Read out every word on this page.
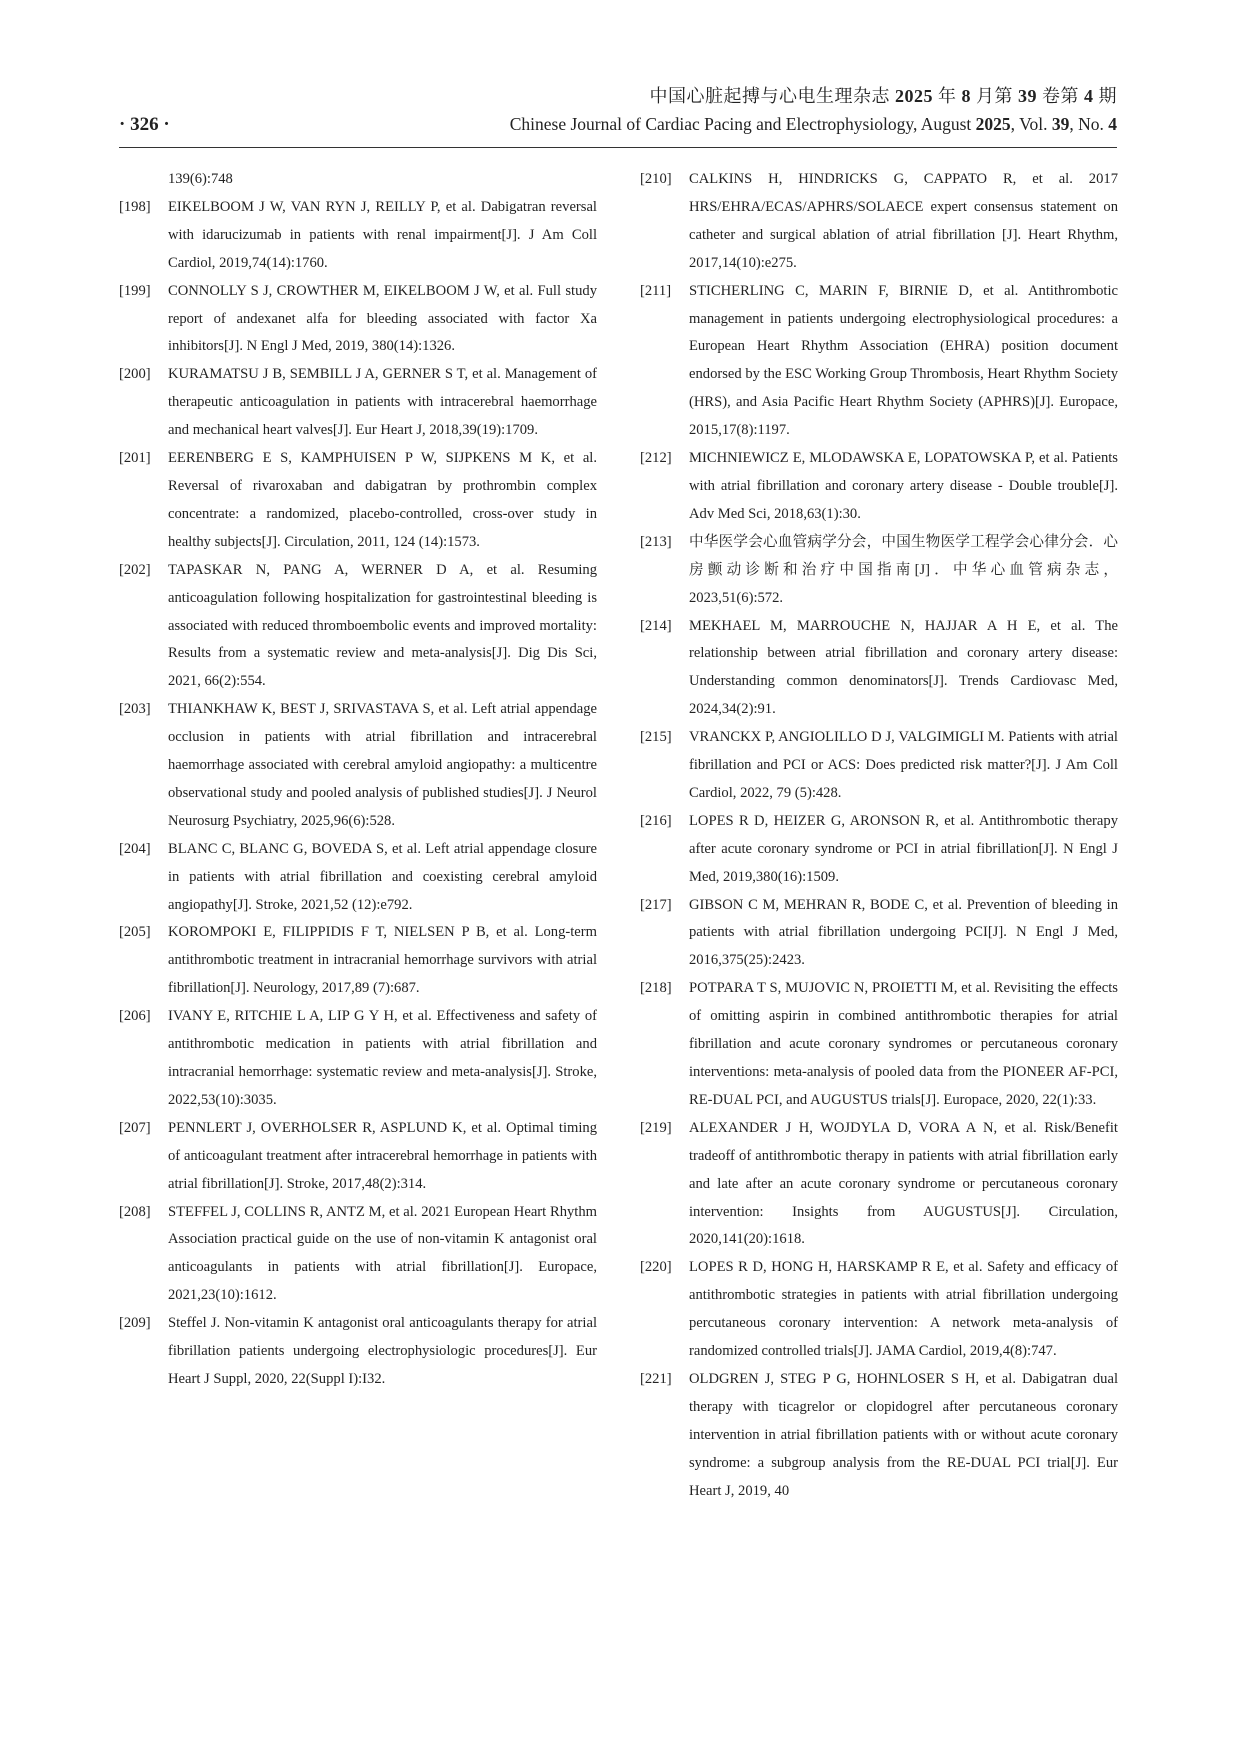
中国心脏起搏与心电生理杂志 2025 年 8 月第 39 卷第 4 期
· 326 ·	Chinese Journal of Cardiac Pacing and Electrophysiology, August 2025, Vol. 39, No. 4

139(6):748

[198] EIKELBOOM J W, VAN RYN J, REILLY P, et al. Dabigatran reversal with idarucizumab in patients with renal impairment[J]. J Am Coll Cardiol, 2019,74(14):1760.

[199] CONNOLLY S J, CROWTHER M, EIKELBOOM J W, et al. Full study report of andexanet alfa for bleeding associated with factor Xa inhibitors[J]. N Engl J Med, 2019, 380(14):1326.

[200] KURAMATSU J B, SEMBILL J A, GERNER S T, et al. Management of therapeutic anticoagulation in patients with intracerebral haemorrhage and mechanical heart valves[J]. Eur Heart J, 2018,39(19):1709.

[201] EERENBERG E S, KAMPHUISEN P W, SIJPKENS M K, et al. Reversal of rivaroxaban and dabigatran by prothrombin complex concentrate: a randomized, placebo-controlled, cross-over study in healthy subjects[J]. Circulation, 2011, 124 (14):1573.

[202] TAPASKAR N, PANG A, WERNER D A, et al. Resuming anticoagulation following hospitalization for gastrointestinal bleeding is associated with reduced thromboembolic events and improved mortality: Results from a systematic review and meta-analysis[J]. Dig Dis Sci, 2021, 66(2):554.

[203] THIANKHAW K, BEST J, SRIVASTAVA S, et al. Left atrial appendage occlusion in patients with atrial fibrillation and intracerebral haemorrhage associated with cerebral amyloid angiopathy: a multicentre observational study and pooled analysis of published studies[J]. J Neurol Neurosurg Psychiatry, 2025,96(6):528.

[204] BLANC C, BLANC G, BOVEDA S, et al. Left atrial appendage closure in patients with atrial fibrillation and coexisting cerebral amyloid angiopathy[J]. Stroke, 2021,52 (12):e792.

[205] KOROMPOKI E, FILIPPIDIS F T, NIELSEN P B, et al. Long-term antithrombotic treatment in intracranial hemorrhage survivors with atrial fibrillation[J]. Neurology, 2017,89 (7):687.

[206] IVANY E, RITCHIE L A, LIP G Y H, et al. Effectiveness and safety of antithrombotic medication in patients with atrial fibrillation and intracranial hemorrhage: systematic review and meta-analysis[J]. Stroke, 2022,53(10):3035.

[207] PENNLERT J, OVERHOLSER R, ASPLUND K, et al. Optimal timing of anticoagulant treatment after intracerebral hemorrhage in patients with atrial fibrillation[J]. Stroke, 2017,48(2):314.

[208] STEFFEL J, COLLINS R, ANTZ M, et al. 2021 European Heart Rhythm Association practical guide on the use of non-vitamin K antagonist oral anticoagulants in patients with atrial fibrillation[J]. Europace, 2021,23(10):1612.

[209] Steffel J. Non-vitamin K antagonist oral anticoagulants therapy for atrial fibrillation patients undergoing electrophysiologic procedures[J]. Eur Heart J Suppl, 2020, 22(Suppl I):I32.

[210] CALKINS H, HINDRICKS G, CAPPATO R, et al. 2017 HRS/EHRA/ECAS/APHRS/SOLAECE expert consensus statement on catheter and surgical ablation of atrial fibrillation [J]. Heart Rhythm, 2017,14(10):e275.

[211] STICHERLING C, MARIN F, BIRNIE D, et al. Antithrombotic management in patients undergoing electrophysiological procedures: a European Heart Rhythm Association (EHRA) position document endorsed by the ESC Working Group Thrombosis, Heart Rhythm Society (HRS), and Asia Pacific Heart Rhythm Society (APHRS)[J]. Europace, 2015,17(8):1197.

[212] MICHNIEWICZ E, MLODAWSKA E, LOPATOWSKA P, et al. Patients with atrial fibrillation and coronary artery disease - Double trouble[J]. Adv Med Sci, 2018,63(1):30.

[213] 中华医学会心血管病学分会，中国生物医学工程学会心律分会．心房颤动诊断和治疗中国指南[J]．中华心血管病杂志，2023,51(6):572.

[214] MEKHAEL M, MARROUCHE N, HAJJAR A H E, et al. The relationship between atrial fibrillation and coronary artery disease: Understanding common denominators[J]. Trends Cardiovasc Med, 2024,34(2):91.

[215] VRANCKX P, ANGIOLILLO D J, VALGIMIGLI M. Patients with atrial fibrillation and PCI or ACS: Does predicted risk matter?[J]. J Am Coll Cardiol, 2022, 79 (5):428.

[216] LOPES R D, HEIZER G, ARONSON R, et al. Antithrombotic therapy after acute coronary syndrome or PCI in atrial fibrillation[J]. N Engl J Med, 2019,380(16):1509.

[217] GIBSON C M, MEHRAN R, BODE C, et al. Prevention of bleeding in patients with atrial fibrillation undergoing PCI[J]. N Engl J Med, 2016,375(25):2423.

[218] POTPARA T S, MUJOVIC N, PROIETTI M, et al. Revisiting the effects of omitting aspirin in combined antithrombotic therapies for atrial fibrillation and acute coronary syndromes or percutaneous coronary interventions: meta-analysis of pooled data from the PIONEER AF-PCI, RE-DUAL PCI, and AUGUSTUS trials[J]. Europace, 2020, 22(1):33.

[219] ALEXANDER J H, WOJDYLA D, VORA A N, et al. Risk/Benefit tradeoff of antithrombotic therapy in patients with atrial fibrillation early and late after an acute coronary syndrome or percutaneous coronary intervention: Insights from AUGUSTUS[J]. Circulation, 2020,141(20):1618.

[220] LOPES R D, HONG H, HARSKAMP R E, et al. Safety and efficacy of antithrombotic strategies in patients with atrial fibrillation undergoing percutaneous coronary intervention: A network meta-analysis of randomized controlled trials[J]. JAMA Cardiol, 2019,4(8):747.

[221] OLDGREN J, STEG P G, HOHNLOSER S H, et al. Dabigatran dual therapy with ticagrelor or clopidogrel after percutaneous coronary intervention in atrial fibrillation patients with or without acute coronary syndrome: a subgroup analysis from the RE-DUAL PCI trial[J]. Eur Heart J, 2019, 40
